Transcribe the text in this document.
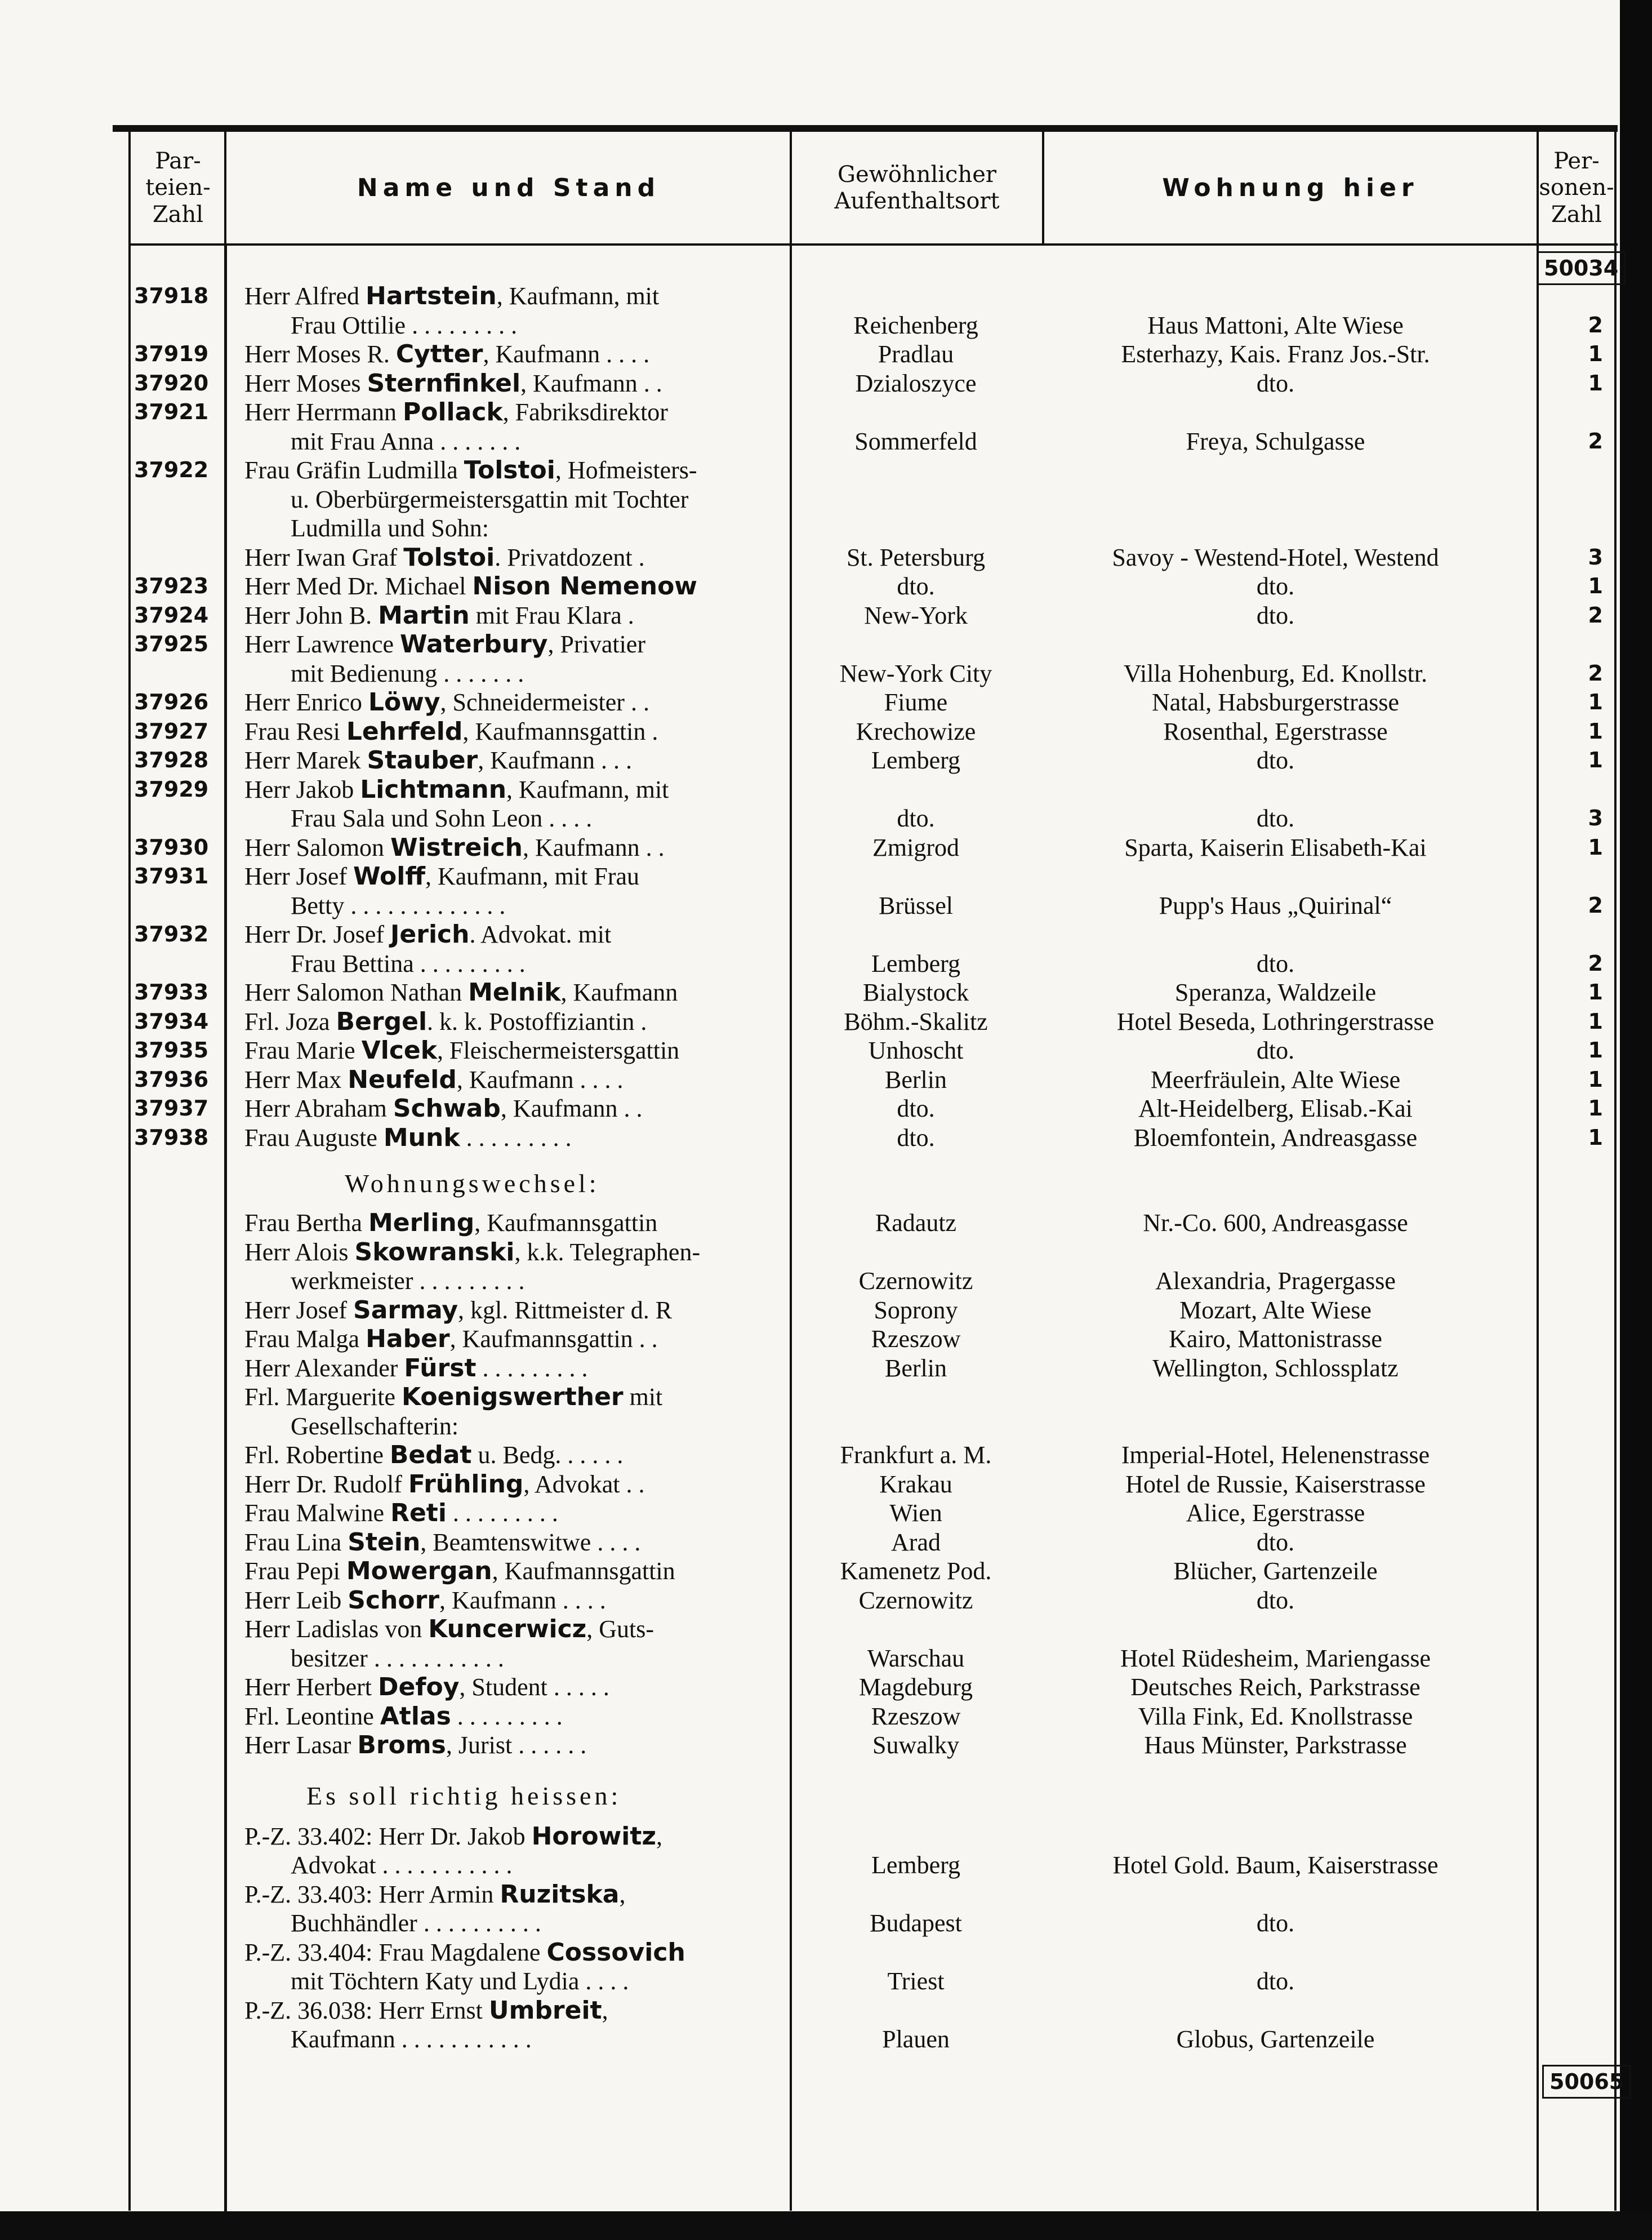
Par- teien- Zahl
Name und Stand	Gewöhnlicher Aufenthaltsort	Wohnung hier
Per- sonen- Zahl
50034
50065
Wohnungswechsel:
Es soll richtig heissen:
37918	Herr Alfred Hartstein, Kaufmann, mit
Frau Ottilie . . . . . . . . .	Reichenberg	Haus Mattoni, Alte Wiese	2
37919	Herr Moses R. Cytter, Kaufmann . . . .	Pradlau	Esterhazy, Kais. Franz Jos.-Str.	1
37920	Herr Moses Sternfinkel, Kaufmann . .	Dzialoszyce	dto.	1
37921	Herr Herrmann Pollack, Fabriksdirektor
mit Frau Anna . . . . . . .	Sommerfeld	Freya, Schulgasse	2
37922	Frau Gräfin Ludmilla Tolstoi, Hofmeisters-
u. Oberbürgermeistersgattin mit Tochter
Ludmilla und Sohn:
Herr Iwan Graf Tolstoi. Privatdozent .	St. Petersburg	Savoy - Westend-Hotel, Westend	3
37923	Herr Med Dr. Michael Nison Nemenow	dto.	dto.	1
37924	Herr John B. Martin mit Frau Klara .	New-York	dto.	2
37925	Herr Lawrence Waterbury, Privatier
mit Bedienung . . . . . . .	New-York City	Villa Hohenburg, Ed. Knollstr.	2
37926	Herr Enrico Löwy, Schneidermeister . .	Fiume	Natal, Habsburgerstrasse	1
37927	Frau Resi Lehrfeld, Kaufmannsgattin .	Krechowize	Rosenthal, Egerstrasse	1
37928	Herr Marek Stauber, Kaufmann . . .	Lemberg	dto.	1
37929	Herr Jakob Lichtmann, Kaufmann, mit
Frau Sala und Sohn Leon . . . .	dto.	dto.	3
37930	Herr Salomon Wistreich, Kaufmann . .	Zmigrod	Sparta, Kaiserin Elisabeth-Kai	1
37931	Herr Josef Wolff, Kaufmann, mit Frau
Betty . . . . . . . . . . . . .	Brüssel	Pupp's Haus „Quirinal“	2
37932	Herr Dr. Josef Jerich. Advokat. mit
Frau Bettina . . . . . . . . .	Lemberg	dto.	2
37933	Herr Salomon Nathan Melnik, Kaufmann	Bialystock	Speranza, Waldzeile	1
37934	Frl. Joza Bergel. k. k. Postoffiziantin .	Böhm.-Skalitz	Hotel Beseda, Lothringerstrasse	1
37935	Frau Marie Vlcek, Fleischermeistersgattin	Unhoscht	dto.	1
37936	Herr Max Neufeld, Kaufmann . . . .	Berlin	Meerfräulein, Alte Wiese	1
37937	Herr Abraham Schwab, Kaufmann . .	dto.	Alt-Heidelberg, Elisab.-Kai	1
37938	Frau Auguste Munk . . . . . . . . .	dto.	Bloemfontein, Andreasgasse	1
Frau Bertha Merling, Kaufmannsgattin	Radautz	Nr.-Co. 600, Andreasgasse
Herr Alois Skowranski, k.k. Telegraphen-
werkmeister . . . . . . . . .	Czernowitz	Alexandria, Pragergasse
Herr Josef Sarmay, kgl. Rittmeister d. R	Soprony	Mozart, Alte Wiese
Frau Malga Haber, Kaufmannsgattin . .	Rzeszow	Kairo, Mattonistrasse
Herr Alexander Fürst . . . . . . . . .	Berlin	Wellington, Schlossplatz
Frl. Marguerite Koenigswerther mit
Gesellschafterin:
Frl. Robertine Bedat u. Bedg. . . . . .	Frankfurt a. M.	Imperial-Hotel, Helenenstrasse
Herr Dr. Rudolf Frühling, Advokat . .	Krakau	Hotel de Russie, Kaiserstrasse
Frau Malwine Reti . . . . . . . . .	Wien	Alice, Egerstrasse
Frau Lina Stein, Beamtenswitwe . . . .	Arad	dto.
Frau Pepi Mowergan, Kaufmannsgattin	Kamenetz Pod.	Blücher, Gartenzeile
Herr Leib Schorr, Kaufmann . . . .	Czernowitz	dto.
Herr Ladislas von Kuncerwicz, Guts-
besitzer . . . . . . . . . . .	Warschau	Hotel Rüdesheim, Mariengasse
Herr Herbert Defoy, Student . . . . .	Magdeburg	Deutsches Reich, Parkstrasse
Frl. Leontine Atlas . . . . . . . . .	Rzeszow	Villa Fink, Ed. Knollstrasse
Herr Lasar Broms, Jurist . . . . . .	Suwalky	Haus Münster, Parkstrasse
P.-Z. 33.402: Herr Dr. Jakob Horowitz,
Advokat . . . . . . . . . . .	Lemberg	Hotel Gold. Baum, Kaiserstrasse
P.-Z. 33.403: Herr Armin Ruzitska,
Buchhändler . . . . . . . . . .	Budapest	dto.
P.-Z. 33.404: Frau Magdalene Cossovich
mit Töchtern Katy und Lydia . . . .	Triest	dto.
P.-Z. 36.038: Herr Ernst Umbreit,
Kaufmann . . . . . . . . . . .	Plauen	Globus, Gartenzeile
